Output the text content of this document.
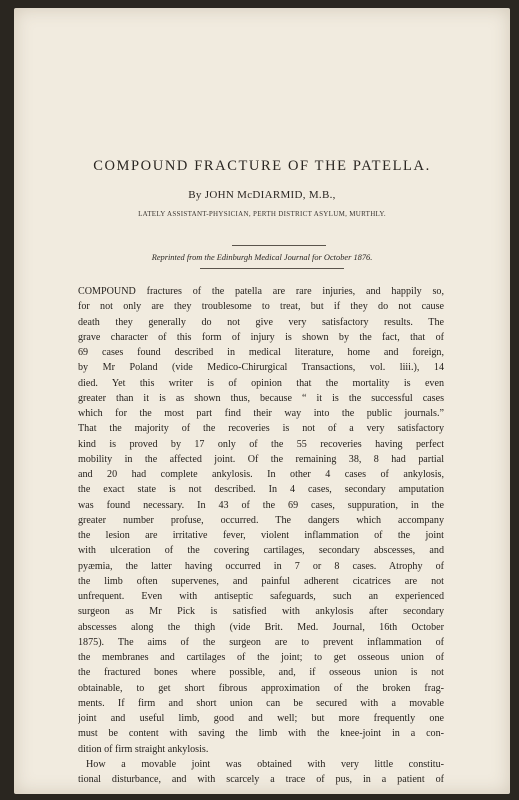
COMPOUND FRACTURE OF THE PATELLA.
By JOHN McDIARMID, M.B.,
LATELY ASSISTANT-PHYSICIAN, PERTH DISTRICT ASYLUM, MURTHLY.
Reprinted from the Edinburgh Medical Journal for October 1876.
COMPOUND fractures of the patella are rare injuries, and happily so,
for not only are they troublesome to treat, but if they do not cause
death they generally do not give very satisfactory results. The
grave character of this form of injury is shown by the fact, that of
69 cases found described in medical literature, home and foreign,
by Mr Poland (vide Medico-Chirurgical Transactions, vol. liii.), 14
died. Yet this writer is of opinion that the mortality is even
greater than it is as shown thus, because “ it is the successful cases
which for the most part find their way into the public journals.”
That the majority of the recoveries is not of a very satisfactory
kind is proved by 17 only of the 55 recoveries having perfect
mobility in the affected joint. Of the remaining 38, 8 had partial
and 20 had complete ankylosis. In other 4 cases of ankylosis,
the exact state is not described. In 4 cases, secondary amputation
was found necessary. In 43 of the 69 cases, suppuration, in the
greater number profuse, occurred. The dangers which accompany
the lesion are irritative fever, violent inflammation of the joint
with ulceration of the covering cartilages, secondary abscesses, and
pyæmia, the latter having occurred in 7 or 8 cases. Atrophy of
the limb often supervenes, and painful adherent cicatrices are not
unfrequent. Even with antiseptic safeguards, such an experienced
surgeon as Mr Pick is satisfied with ankylosis after secondary
abscesses along the thigh (vide Brit. Med. Journal, 16th October
1875). The aims of the surgeon are to prevent inflammation of
the membranes and cartilages of the joint; to get osseous union of
the fractured bones where possible, and, if osseous union is not
obtainable, to get short fibrous approximation of the broken frag-
ments. If firm and short union can be secured with a movable
joint and useful limb, good and well; but more frequently one
must be content with saving the limb with the knee-joint in a con-
dition of firm straight ankylosis.
How a movable joint was obtained with very little constitu-
tional disturbance, and with scarcely a trace of pus, in a patient of
